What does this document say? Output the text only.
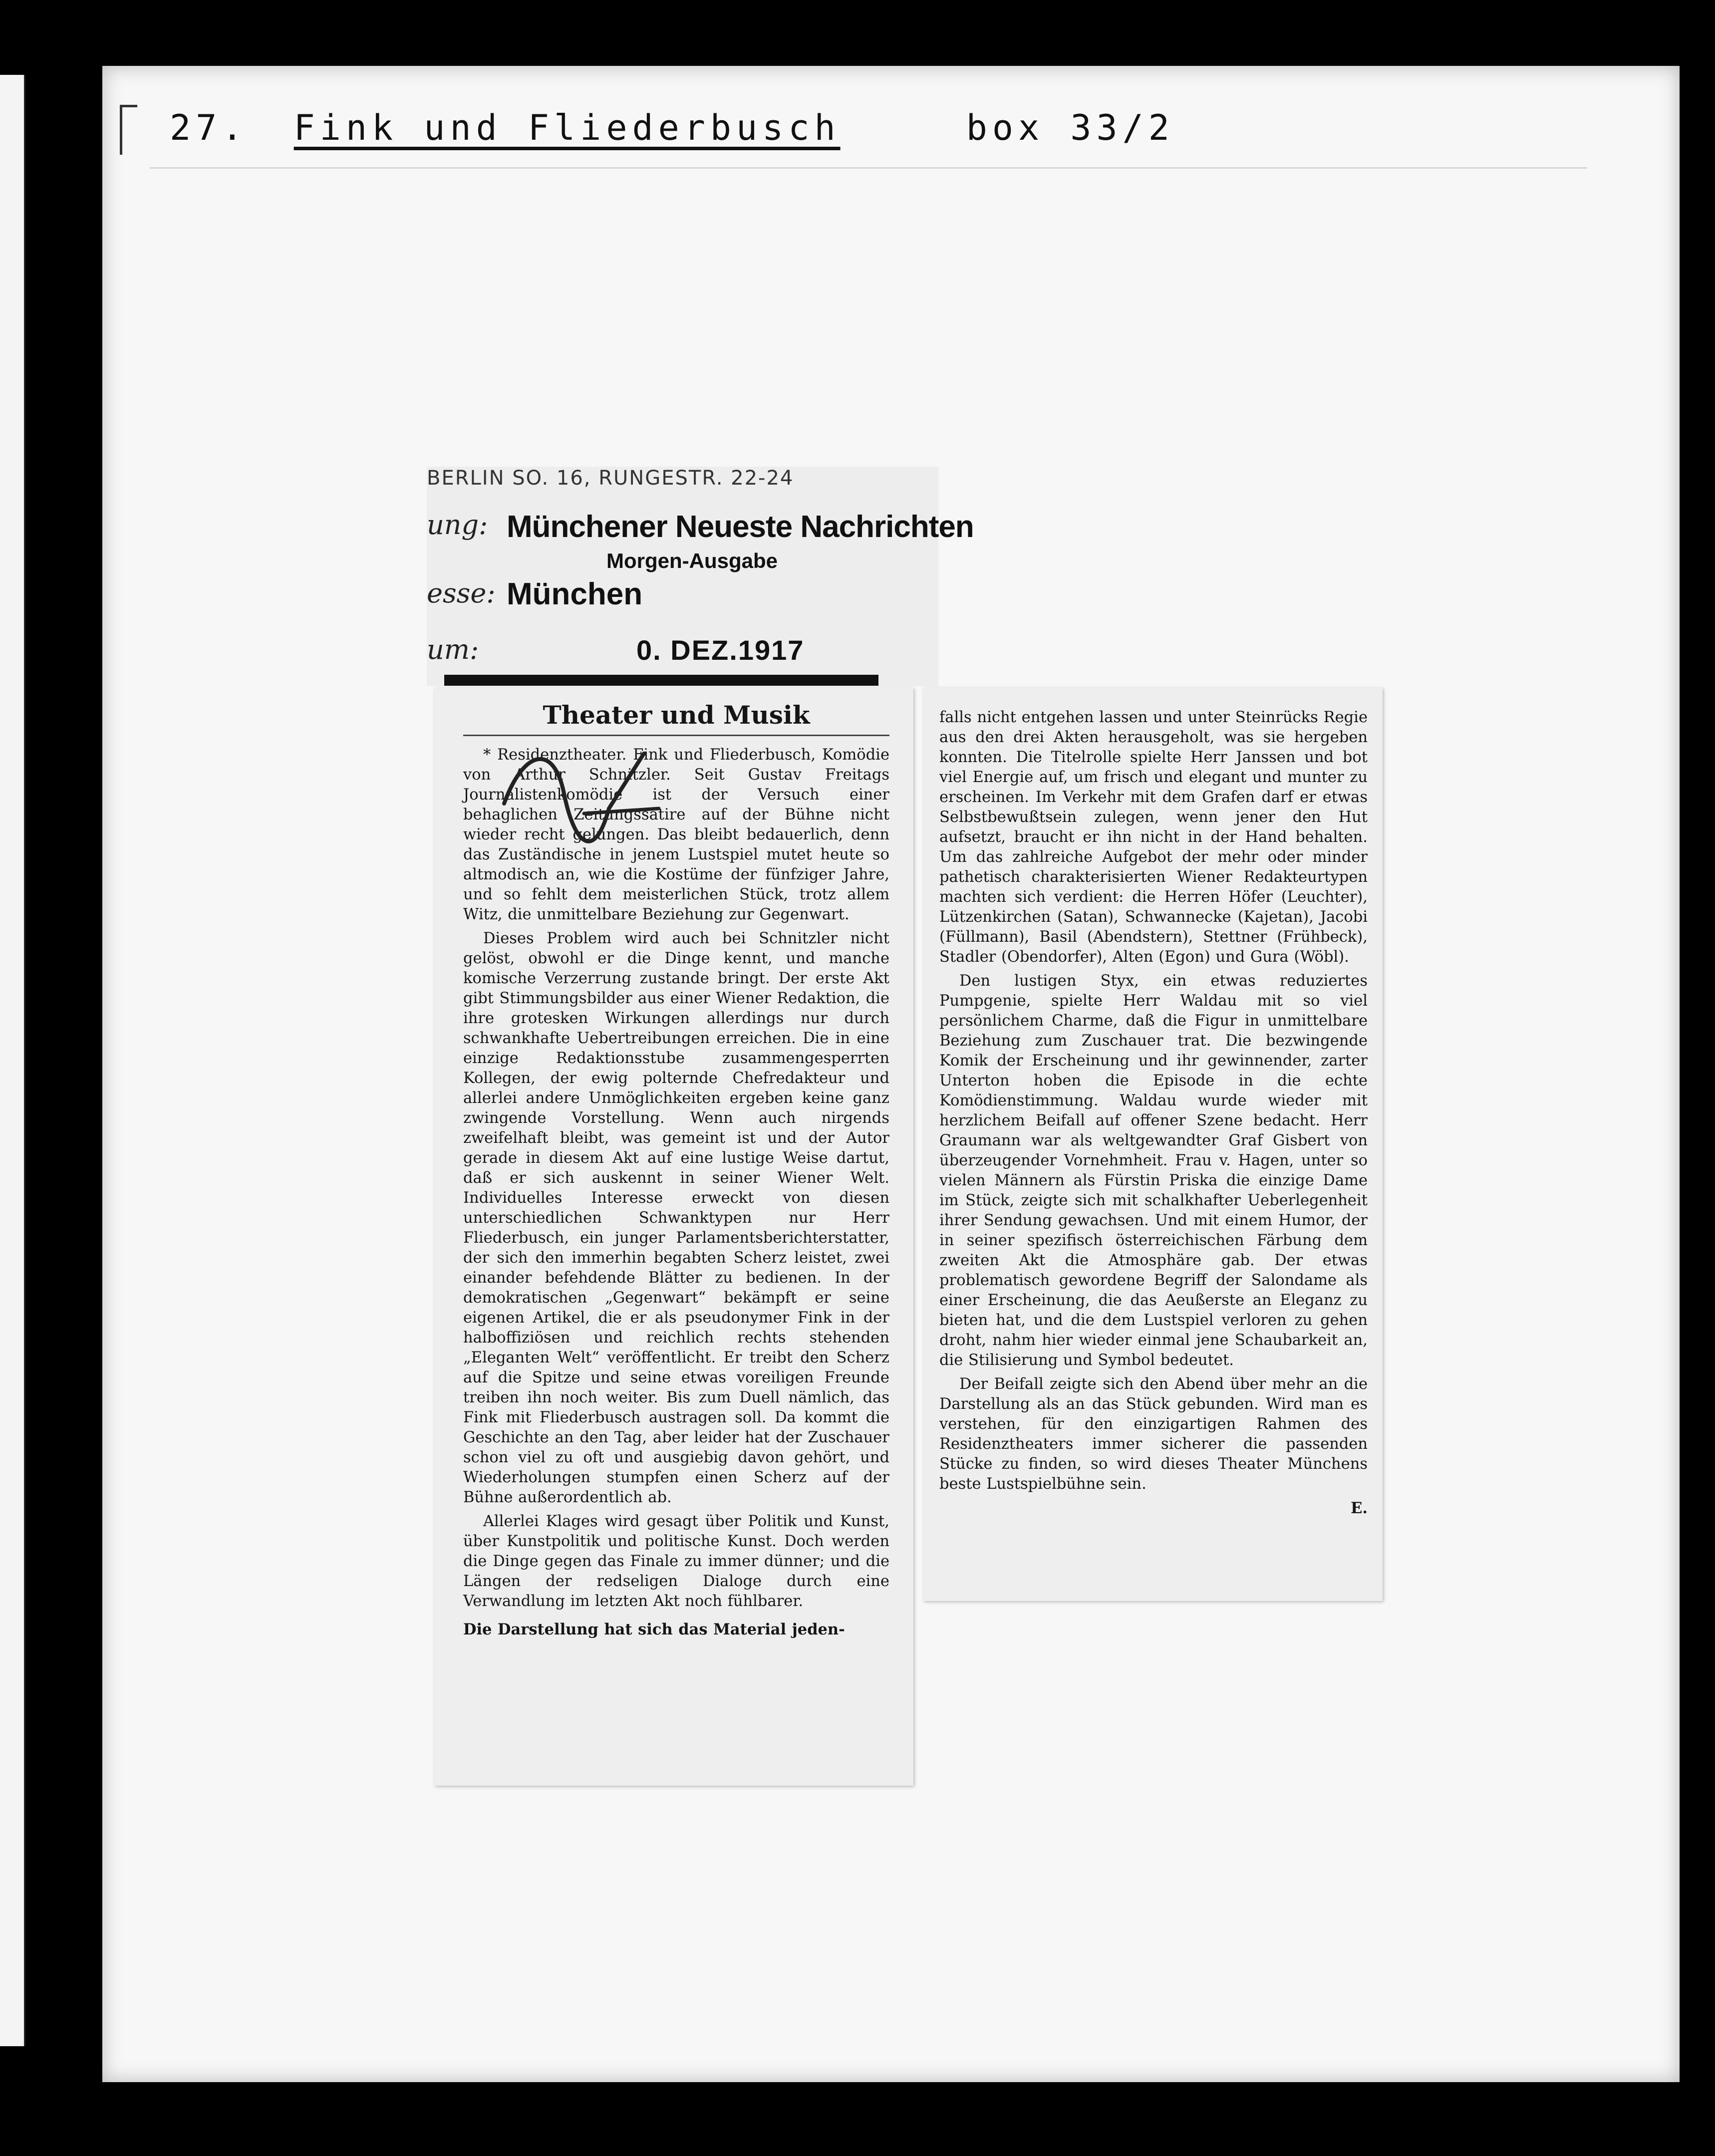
27. Fink und Fliederbusch	box 33/2
BERLIN SO. 16, RUNGESTR. 22-24
ung: Münchener Neueste Nachrichten
Morgen-Ausgabe
esse: München
um:	0. DEZ.1917
Theater und Musik

* Residenztheater. Fink und Fliederbusch, Komödie von Arthur Schnitzler. Seit Gustav Freitags Journalistenkomödie ist der Versuch einer behaglichen Zeitungssatire auf der Bühne nicht wieder recht gelungen. Das bleibt bedauerlich, denn das Zuständische in jenem Lustspiel mutet heute so altmodisch an, wie die Kostüme der fünfziger Jahre, und so fehlt dem meisterlichen Stück, trotz allem Witz, die unmittelbare Beziehung zur Gegenwart.

Dieses Problem wird auch bei Schnitzler nicht gelöst, obwohl er die Dinge kennt, und manche komische Verzerrung zustande bringt. Der erste Akt gibt Stimmungsbilder aus einer Wiener Redaktion, die ihre grotesken Wirkungen allerdings nur durch schwankhafte Uebertreibungen erreichen. Die in eine einzige Redaktionsstube zusammengesperrten Kollegen, der ewig polternde Chefredakteur und allerlei andere Unmöglichkeiten ergeben keine ganz zwingende Vorstellung. Wenn auch nirgends zweifelhaft bleibt, was gemeint ist und der Autor gerade in diesem Akt auf eine lustige Weise dartut, daß er sich auskennt in seiner Wiener Welt. Individuelles Interesse erweckt von diesen unterschiedlichen Schwanktypen nur Herr Fliederbusch, ein junger Parlamentsberichterstatter, der sich den immerhin begabten Scherz leistet, zwei einander befehdende Blätter zu bedienen. In der demokratischen „Gegenwart“ bekämpft er seine eigenen Artikel, die er als pseudonymer Fink in der halboffiziösen und reichlich rechts stehenden „Eleganten Welt“ veröffentlicht. Er treibt den Scherz auf die Spitze und seine etwas voreiligen Freunde treiben ihn noch weiter. Bis zum Duell nämlich, das Fink mit Fliederbusch austragen soll. Da kommt die Geschichte an den Tag, aber leider hat der Zuschauer schon viel zu oft und ausgiebig davon gehört, und Wiederholungen stumpfen einen Scherz auf der Bühne außerordentlich ab.

Allerlei Klages wird gesagt über Politik und Kunst, über Kunstpolitik und politische Kunst. Doch werden die Dinge gegen das Finale zu immer dünner; und die Längen der redseligen Dialoge durch eine Verwandlung im letzten Akt noch fühlbarer.

Die Darstellung hat sich das Material jeden-

falls nicht entgehen lassen und unter Steinrücks Regie aus den drei Akten herausgeholt, was sie hergeben konnten. Die Titelrolle spielte Herr Janssen und bot viel Energie auf, um frisch und elegant und munter zu erscheinen. Im Verkehr mit dem Grafen darf er etwas Selbstbewußtsein zulegen, wenn jener den Hut aufsetzt, braucht er ihn nicht in der Hand behalten. Um das zahlreiche Aufgebot der mehr oder minder pathetisch charakterisierten Wiener Redakteurtypen machten sich verdient: die Herren Höfer (Leuchter), Lützenkirchen (Satan), Schwannecke (Kajetan), Jacobi (Füllmann), Basil (Abendstern), Stettner (Frühbeck), Stadler (Obendorfer), Alten (Egon) und Gura (Wöbl).

Den lustigen Styx, ein etwas reduziertes Pumpgenie, spielte Herr Waldau mit so viel persönlichem Charme, daß die Figur in unmittelbare Beziehung zum Zuschauer trat. Die bezwingende Komik der Erscheinung und ihr gewinnender, zarter Unterton hoben die Episode in die echte Komödienstimmung. Waldau wurde wieder mit herzlichem Beifall auf offener Szene bedacht. Herr Graumann war als weltgewandter Graf Gisbert von überzeugender Vornehmheit. Frau v. Hagen, unter so vielen Männern als Fürstin Priska die einzige Dame im Stück, zeigte sich mit schalkhafter Ueberlegenheit ihrer Sendung gewachsen. Und mit einem Humor, der in seiner spezifisch österreichischen Färbung dem zweiten Akt die Atmosphäre gab. Der etwas problematisch gewordene Begriff der Salondame als einer Erscheinung, die das Aeußerste an Eleganz zu bieten hat, und die dem Lustspiel verloren zu gehen droht, nahm hier wieder einmal jene Schaubarkeit an, die Stilisierung und Symbol bedeutet.

Der Beifall zeigte sich den Abend über mehr an die Darstellung als an das Stück gebunden. Wird man es verstehen, für den einzigartigen Rahmen des Residenztheaters immer sicherer die passenden Stücke zu finden, so wird dieses Theater Münchens beste Lustspielbühne sein.

E.
